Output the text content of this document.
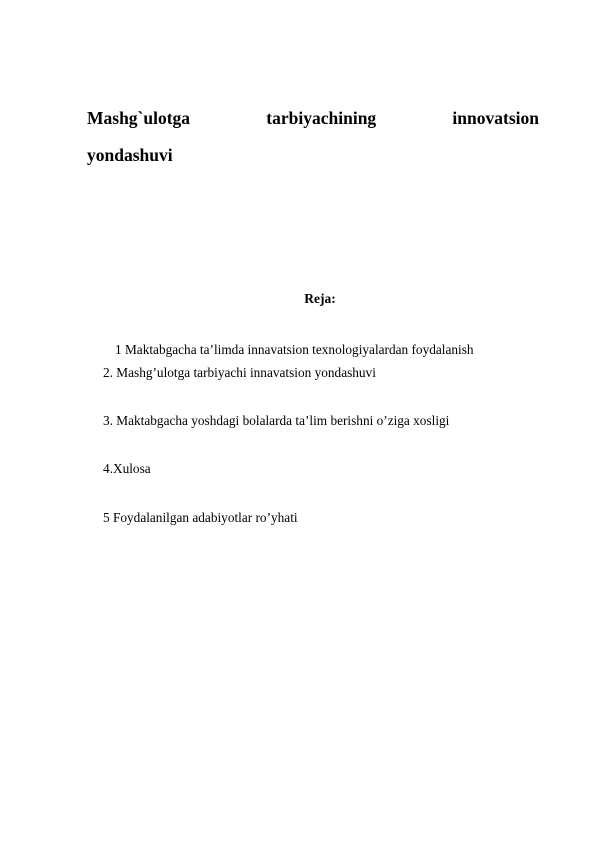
Mashg`ulotga	tarbiyachining	innovatsion
yondashuvi
Reja:
1 Maktabgacha ta’limda innavatsion texnologiyalardan foydalanish
2. Mashg’ulotga tarbiyachi innavatsion yondashuvi
3. Maktabgacha yoshdagi bolalarda ta’lim berishni o’ziga xosligi
4.Xulosa
5 Foydalanilgan adabiyotlar ro’yhati
